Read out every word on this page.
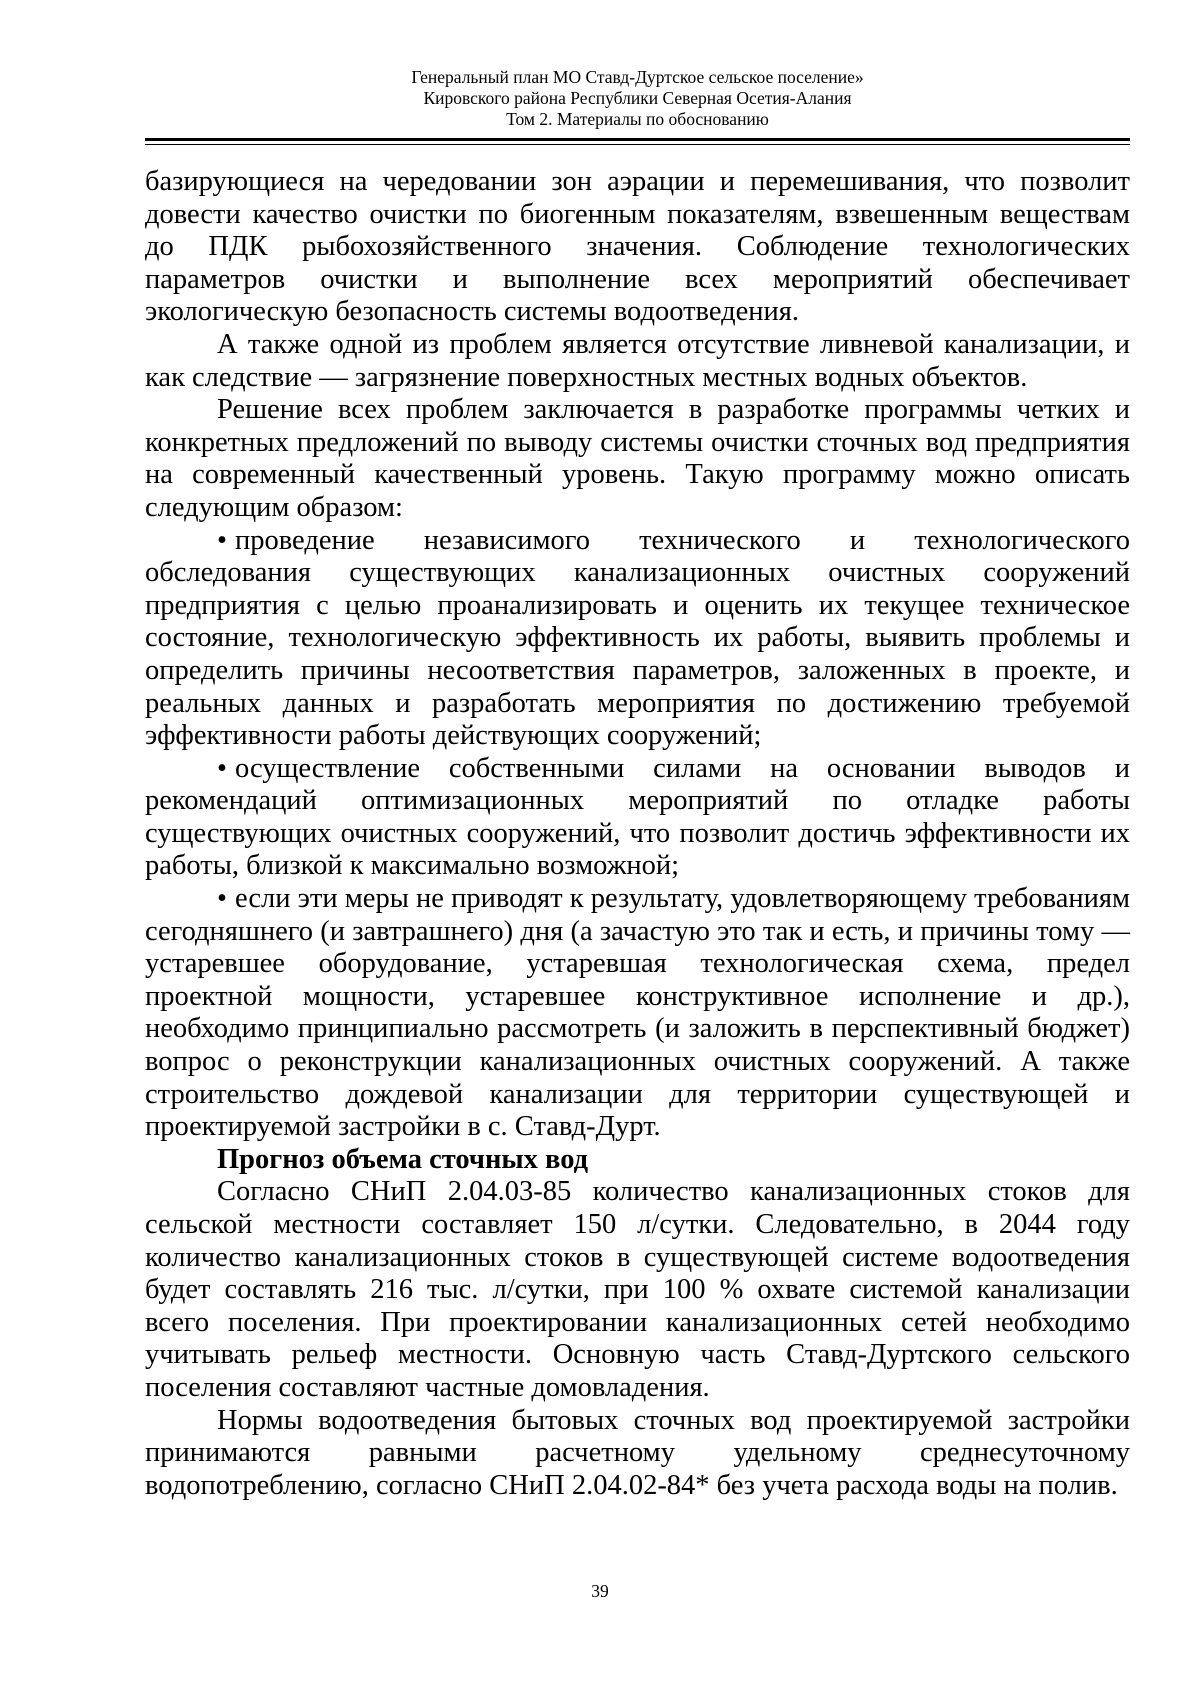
Генеральный план МО Ставд-Дуртское сельское поселение»
Кировского района Республики Северная Осетия-Алания
Том 2. Материалы по обоснованию

базирующиеся на чередовании зон аэрации и перемешивания, что позволит довести качество очистки по биогенным показателям, взвешенным веществам до ПДК рыбохозяйственного значения. Соблюдение технологических параметров очистки и выполнение всех мероприятий обеспечивает экологическую безопасность системы водоотведения.

А также одной из проблем является отсутствие ливневой канализации, и как следствие — загрязнение поверхностных местных водных объектов.

Решение всех проблем заключается в разработке программы четких и конкретных предложений по выводу системы очистки сточных вод предприятия на современный качественный уровень. Такую программу можно описать следующим образом:

• проведение независимого технического и технологического обследования существующих канализационных очистных сооружений предприятия с целью проанализировать и оценить их текущее техническое состояние, технологическую эффективность их работы, выявить проблемы и определить причины несоответствия параметров, заложенных в проекте, и реальных данных и разработать мероприятия по достижению требуемой эффективности работы действующих сооружений;

• осуществление собственными силами на основании выводов и рекомендаций оптимизационных мероприятий по отладке работы существующих очистных сооружений, что позволит достичь эффективности их работы, близкой к максимально возможной;

• если эти меры не приводят к результату, удовлетворяющему требованиям сегодняшнего (и завтрашнего) дня (а зачастую это так и есть, и причины тому — устаревшее оборудование, устаревшая технологическая схема, предел проектной мощности, устаревшее конструктивное исполнение и др.), необходимо принципиально рассмотреть (и заложить в перспективный бюджет) вопрос о реконструкции канализационных очистных сооружений. А также строительство дождевой канализации для территории существующей и проектируемой застройки в с. Ставд-Дурт.

Прогноз объема сточных вод

Согласно СНиП 2.04.03-85 количество канализационных стоков для сельской местности составляет 150 л/сутки. Следовательно, в 2044 году количество канализационных стоков в существующей системе водоотведения будет составлять 216 тыс. л/сутки, при 100 % охвате системой канализации всего поселения. При проектировании канализационных сетей необходимо учитывать рельеф местности. Основную часть Ставд-Дуртского сельского поселения составляют частные домовладения.

Нормы водоотведения бытовых сточных вод проектируемой застройки принимаются равными расчетному удельному среднесуточному водопотреблению, согласно СНиП 2.04.02-84* без учета расхода воды на полив.

39
